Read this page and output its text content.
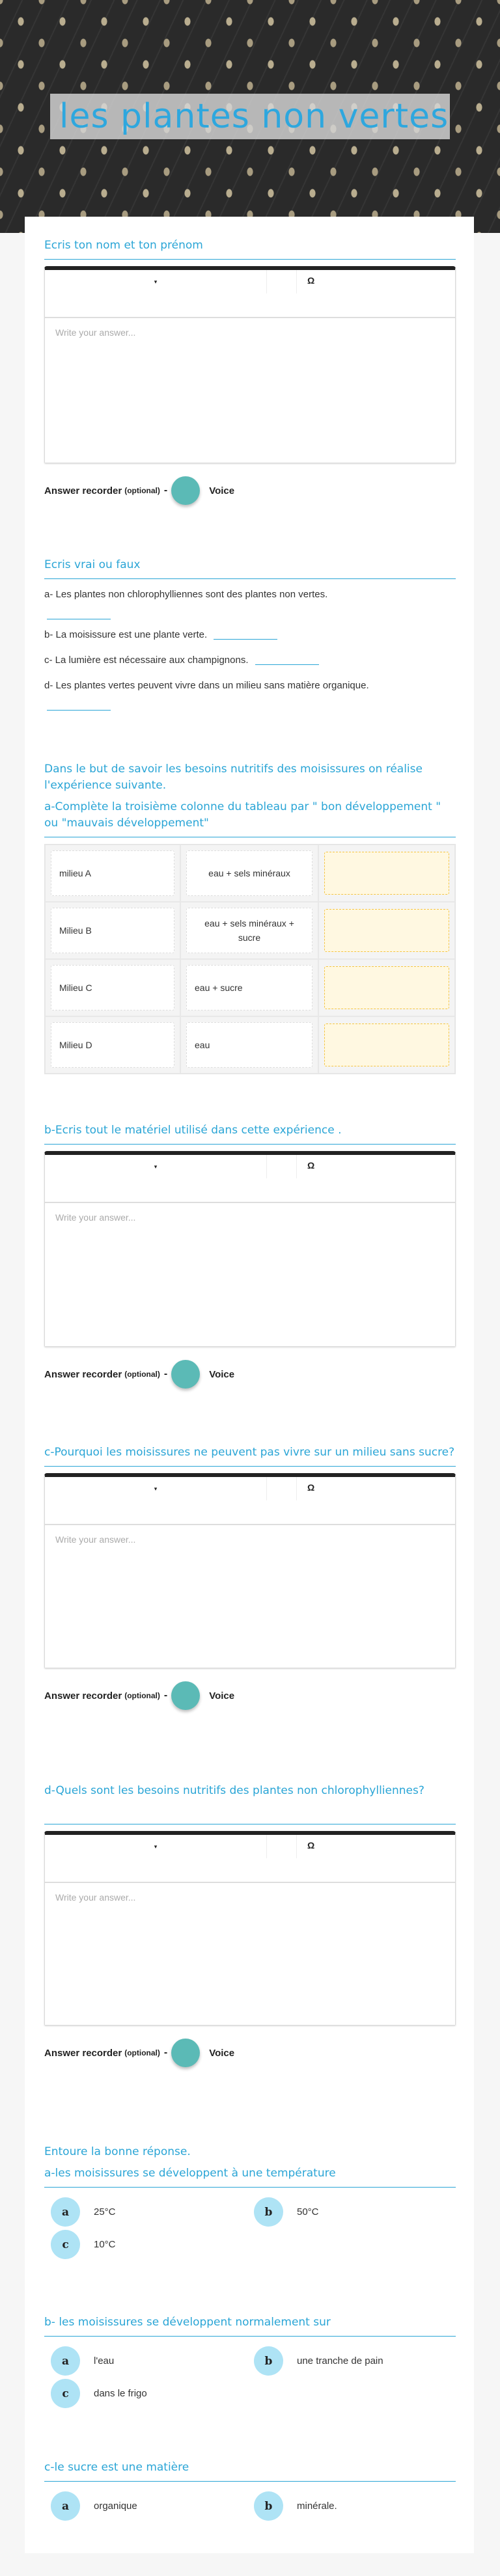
les plantes non vertes
Ecris ton nom et ton prénom
▾	Ω
Write your answer...
Answer recorder (optional) -	Voice
Ecris vrai ou faux

a- Les plantes non chlorophylliennes sont des plantes non vertes.

b- La moisissure est une plante verte.

c- La lumière est nécessaire aux champignons.

d- Les plantes vertes peuvent vivre dans un milieu sans matière organique.

Dans le but de savoir les besoins nutritifs des moisissures on réalise l'expérience suivante.
a-Complète la troisième colonne du tableau par " bon développement " ou "mauvais développement"
milieu A	eau + sels minéraux	

Milieu B	eau + sels minéraux + sucre	

Milieu C	eau + sucre	

Milieu D	eau	

b-Ecris tout le matériel utilisé dans cette expérience .
▾	Ω
Write your answer...
Answer recorder (optional) -	Voice
c-Pourquoi les moisissures ne peuvent pas vivre sur un milieu sans sucre?
▾	Ω
Write your answer...
Answer recorder (optional) -	Voice
d-Quels sont les besoins nutritifs des plantes non chlorophylliennes?
▾	Ω
Write your answer...
Answer recorder (optional) -	Voice
Entoure la bonne réponse.
a-les moisissures se développent à une température
a	25°C	b	50°C
c	10°C
b- les moisissures se développent normalement sur
a	l'eau	b	une tranche de pain
c	dans le frigo
c-le sucre est une matière
a	organique	b	minérale.
